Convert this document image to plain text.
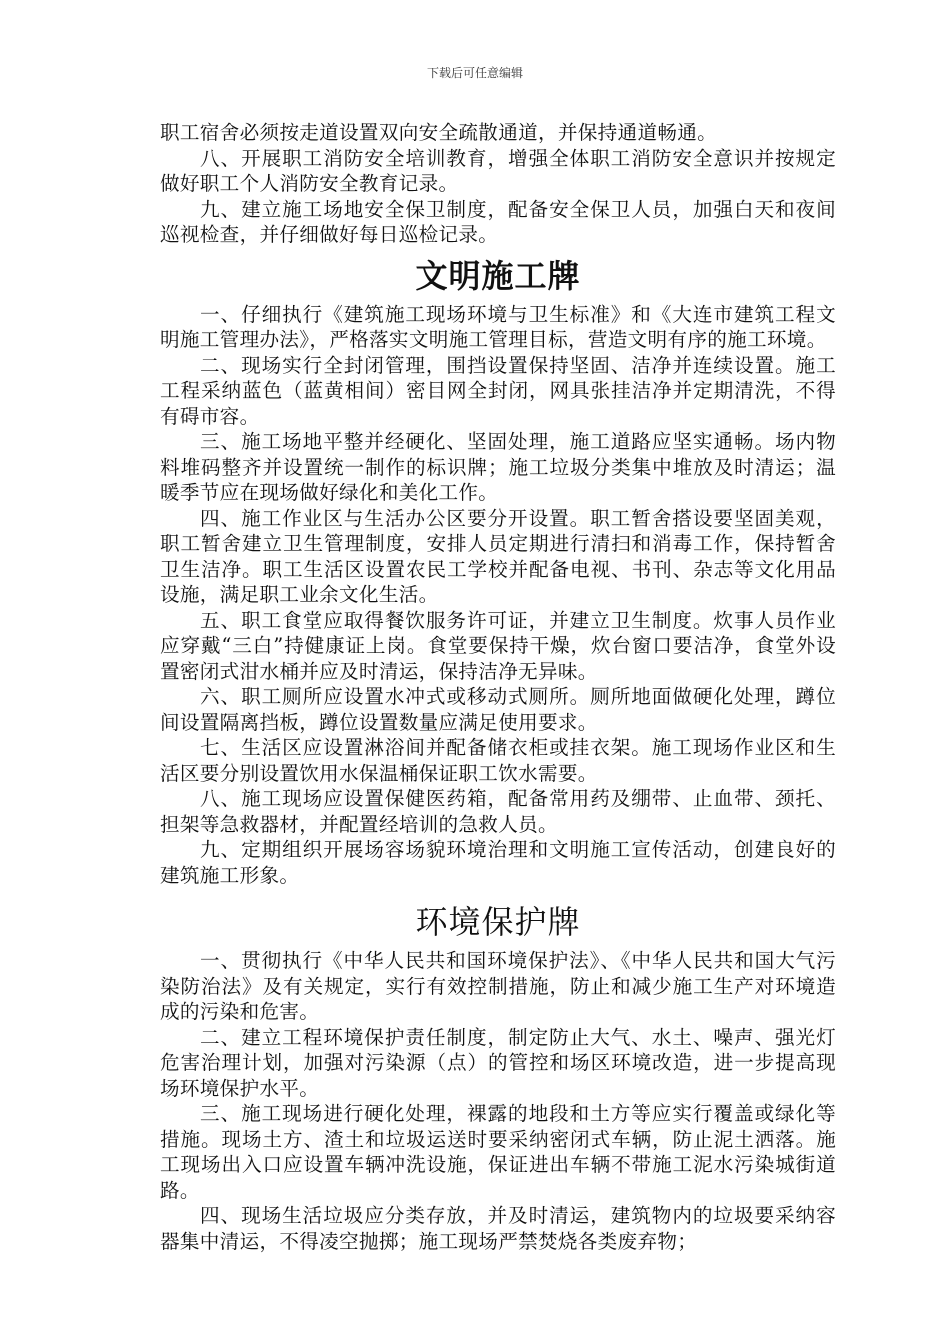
下载后可任意编辑

职工宿舍必须按走道设置双向安全疏散通道，并保持通道畅通。

八、开展职工消防安全培训教育，增强全体职工消防安全意识并按规定做好职工个人消防安全教育记录。

九、建立施工场地安全保卫制度，配备安全保卫人员，加强白天和夜间巡视检查，并仔细做好每日巡检记录。

文明施工牌

一、仔细执行《建筑施工现场环境与卫生标准》和《大连市建筑工程文明施工管理办法》，严格落实文明施工管理目标，营造文明有序的施工环境。

二、现场实行全封闭管理，围挡设置保持坚固、洁净并连续设置。施工工程采纳蓝色（蓝黄相间）密目网全封闭，网具张挂洁净并定期清洗，不得有碍市容。

三、施工场地平整并经硬化、坚固处理，施工道路应坚实通畅。场内物料堆码整齐并设置统一制作的标识牌；施工垃圾分类集中堆放及时清运；温暖季节应在现场做好绿化和美化工作。

四、施工作业区与生活办公区要分开设置。职工暂舍搭设要坚固美观，职工暂舍建立卫生管理制度，安排人员定期进行清扫和消毒工作，保持暂舍卫生洁净。职工生活区设置农民工学校并配备电视、书刊、杂志等文化用品设施，满足职工业余文化生活。

五、职工食堂应取得餐饮服务许可证，并建立卫生制度。炊事人员作业应穿戴“三白”持健康证上岗。食堂要保持干燥，炊台窗口要洁净，食堂外设置密闭式泔水桶并应及时清运，保持洁净无异味。

六、职工厕所应设置水冲式或移动式厕所。厕所地面做硬化处理，蹲位间设置隔离挡板，蹲位设置数量应满足使用要求。

七、生活区应设置淋浴间并配备储衣柜或挂衣架。施工现场作业区和生活区要分别设置饮用水保温桶保证职工饮水需要。

八、施工现场应设置保健医药箱，配备常用药及绷带、止血带、颈托、担架等急救器材，并配置经培训的急救人员。

九、定期组织开展场容场貌环境治理和文明施工宣传活动，创建良好的建筑施工形象。

环境保护牌

一、贯彻执行《中华人民共和国环境保护法》、《中华人民共和国大气污染防治法》及有关规定，实行有效控制措施，防止和减少施工生产对环境造成的污染和危害。

二、建立工程环境保护责任制度，制定防止大气、水土、噪声、强光灯危害治理计划，加强对污染源（点）的管控和场区环境改造，进一步提高现场环境保护水平。

三、施工现场进行硬化处理，裸露的地段和土方等应实行覆盖或绿化等措施。现场土方、渣土和垃圾运送时要采纳密闭式车辆，防止泥土洒落。施工现场出入口应设置车辆冲洗设施，保证进出车辆不带施工泥水污染城街道路。

四、现场生活垃圾应分类存放，并及时清运，建筑物内的垃圾要采纳容器集中清运，不得凌空抛掷；施工现场严禁焚烧各类废弃物；
